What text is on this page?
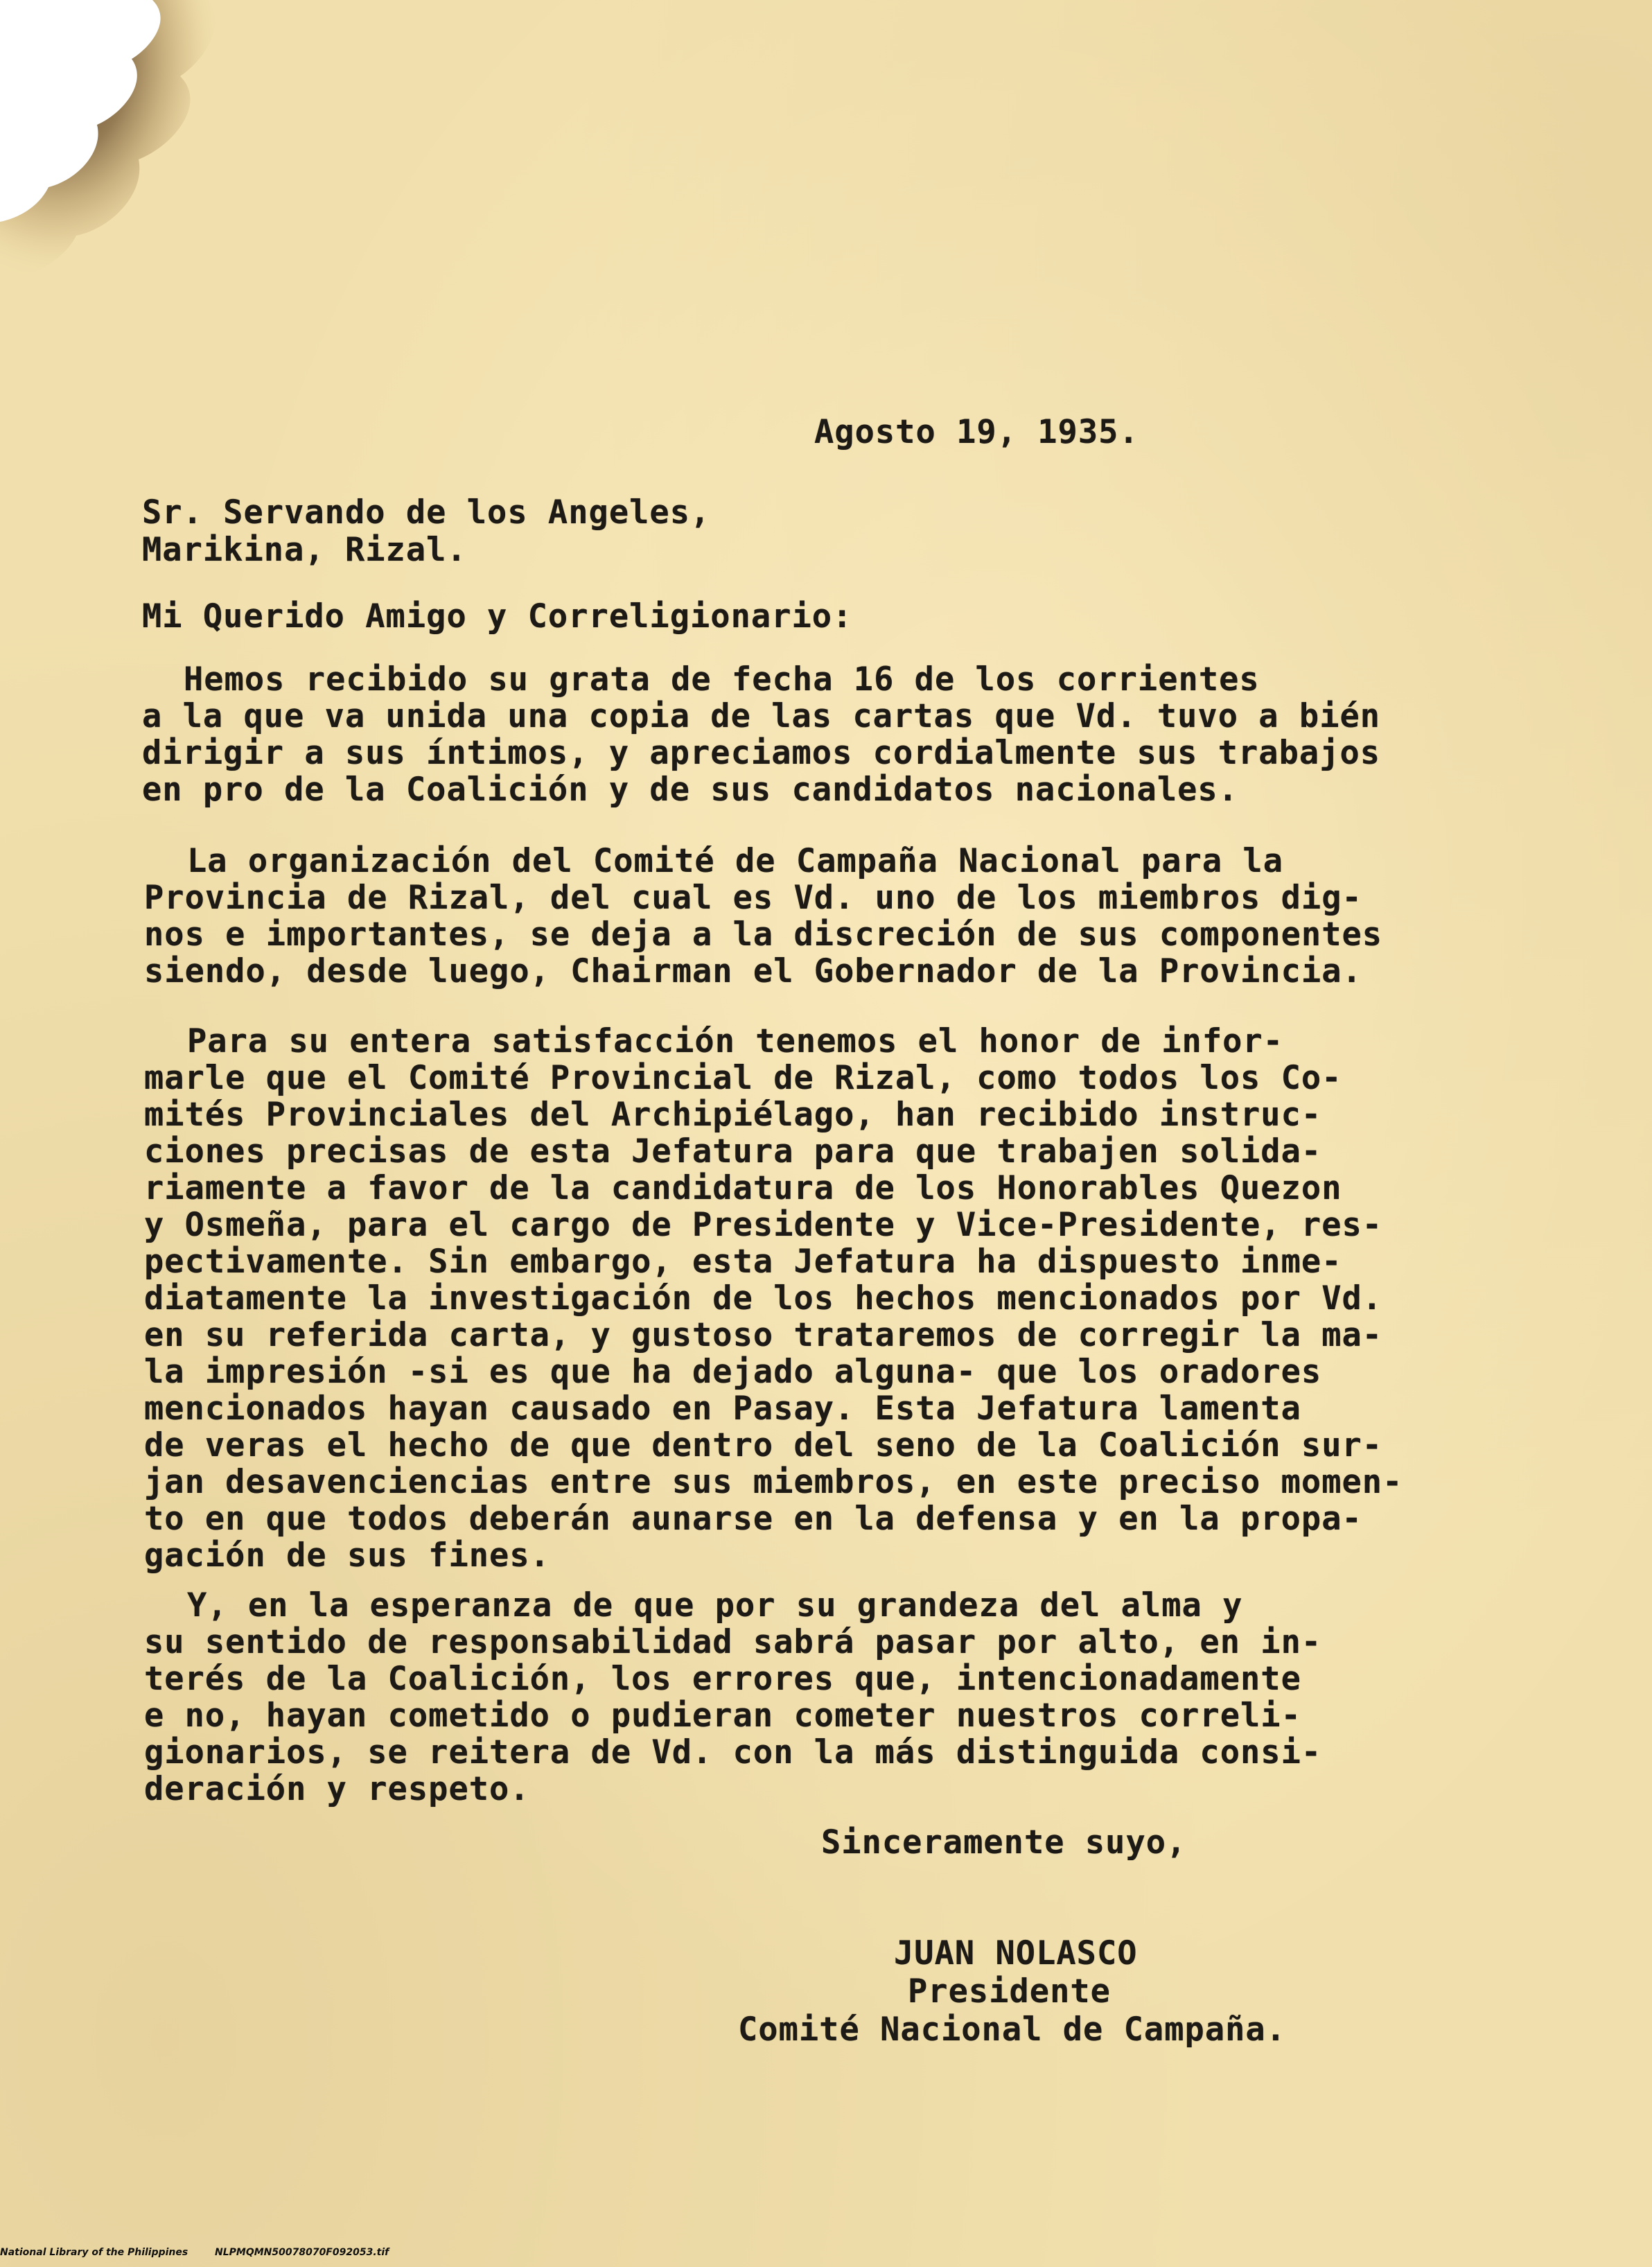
Agosto 19, 1935.
Sr. Servando de los Angeles,
Marikina, Rizal.
Mi Querido Amigo y Correligionario:
Hemos recibido su grata de fecha 16 de los corrientes
a la que va unida una copia de las cartas que Vd. tuvo a bién
dirigir a sus íntimos, y apreciamos cordialmente sus trabajos
en pro de la Coalición y de sus candidatos nacionales.
La organización del Comité de Campaña Nacional para la
Provincia de Rizal, del cual es Vd. uno de los miembros dig-
nos e importantes, se deja a la discreción de sus componentes
siendo, desde luego, Chairman el Gobernador de la Provincia.
Para su entera satisfacción tenemos el honor de infor-
marle que el Comité Provincial de Rizal, como todos los Co-
mités Provinciales del Archipiélago, han recibido instruc-
ciones precisas de esta Jefatura para que trabajen solida-
riamente a favor de la candidatura de los Honorables Quezon
y Osmeña, para el cargo de Presidente y Vice-Presidente, res-
pectivamente. Sin embargo, esta Jefatura ha dispuesto inme-
diatamente la investigación de los hechos mencionados por Vd.
en su referida carta, y gustoso trataremos de corregir la ma-
la impresión -si es que ha dejado alguna- que los oradores
mencionados hayan causado en Pasay. Esta Jefatura lamenta
de veras el hecho de que dentro del seno de la Coalición sur-
jan desavenciencias entre sus miembros, en este preciso momen-
to en que todos deberán aunarse en la defensa y en la propa-
gación de sus fines.
Y, en la esperanza de que por su grandeza del alma y
su sentido de responsabilidad sabrá pasar por alto, en in-
terés de la Coalición, los errores que, intencionadamente
e no, hayan cometido o pudieran cometer nuestros correli-
gionarios, se reitera de Vd. con la más distinguida consi-
deración y respeto.
Sinceramente suyo,
JUAN NOLASCO
Presidente
Comité Nacional de Campaña.
National Library of the Philippines	NLPMQMN50078070F092053.tif
